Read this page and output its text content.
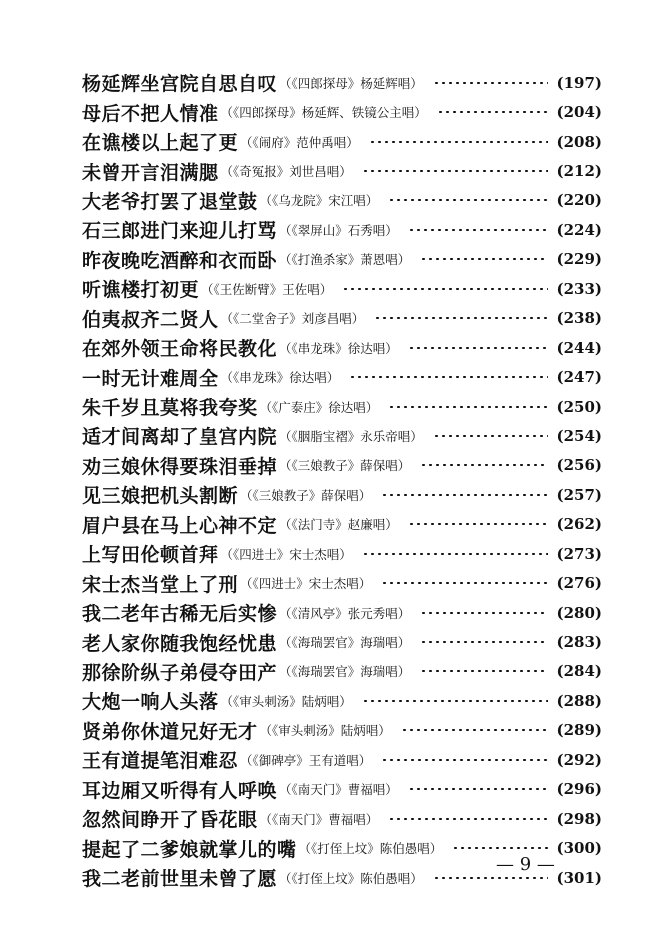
杨延辉坐宫院自思自叹 （《四郎探母》杨延辉唱）	(197)
母后不把人情准 （《四郎探母》杨延辉、铁镜公主唱）	(204)
在谯楼以上起了更 （《闹府》范仲禹唱）	(208)
未曾开言泪满腮 （《奇冤报》刘世昌唱）	(212)
大老爷打罢了退堂鼓 （《乌龙院》宋江唱）	(220)
石三郎进门来迎儿打骂 （《翠屏山》石秀唱）	(224)
昨夜晚吃酒醉和衣而卧 （《打渔杀家》萧恩唱）	(229)
听谯楼打初更 （《王佐断臂》王佐唱）	(233)
伯夷叔齐二贤人 （《二堂舍子》刘彦昌唱）	(238)
在郊外领王命将民教化 （《串龙珠》徐达唱）	(244)
一时无计难周全 （《串龙珠》徐达唱）	(247)
朱千岁且莫将我夸奖 （《广泰庄》徐达唱）	(250)
适才间离却了皇宫内院 （《胭脂宝褶》永乐帝唱）	(254)
劝三娘休得要珠泪垂掉 （《三娘教子》薛保唱）	(256)
见三娘把机头割断 （《三娘教子》薛保唱）	(257)
眉户县在马上心神不定 （《法门寺》赵廉唱）	(262)
上写田伦顿首拜 （《四进士》宋士杰唱）	(273)
宋士杰当堂上了刑 （《四进士》宋士杰唱）	(276)
我二老年古稀无后实惨 （《清风亭》张元秀唱）	(280)
老人家你随我饱经忧患 （《海瑞罢官》海瑞唱）	(283)
那徐阶纵子弟侵夺田产 （《海瑞罢官》海瑞唱）	(284)
大炮一响人头落 （《审头刺汤》陆炳唱）	(288)
贤弟你休道兄好无才 （《审头刺汤》陆炳唱）	(289)
王有道提笔泪难忍 （《御碑亭》王有道唱）	(292)
耳边厢又听得有人呼唤 （《南天门》曹福唱）	(296)
忽然间睁开了昏花眼 （《南天门》曹福唱）	(298)
提起了二爹娘就掌儿的嘴 （《打侄上坟》陈伯愚唱）	(300)
我二老前世里未曾了愿 （《打侄上坟》陈伯愚唱）	(301)
— 9 —
